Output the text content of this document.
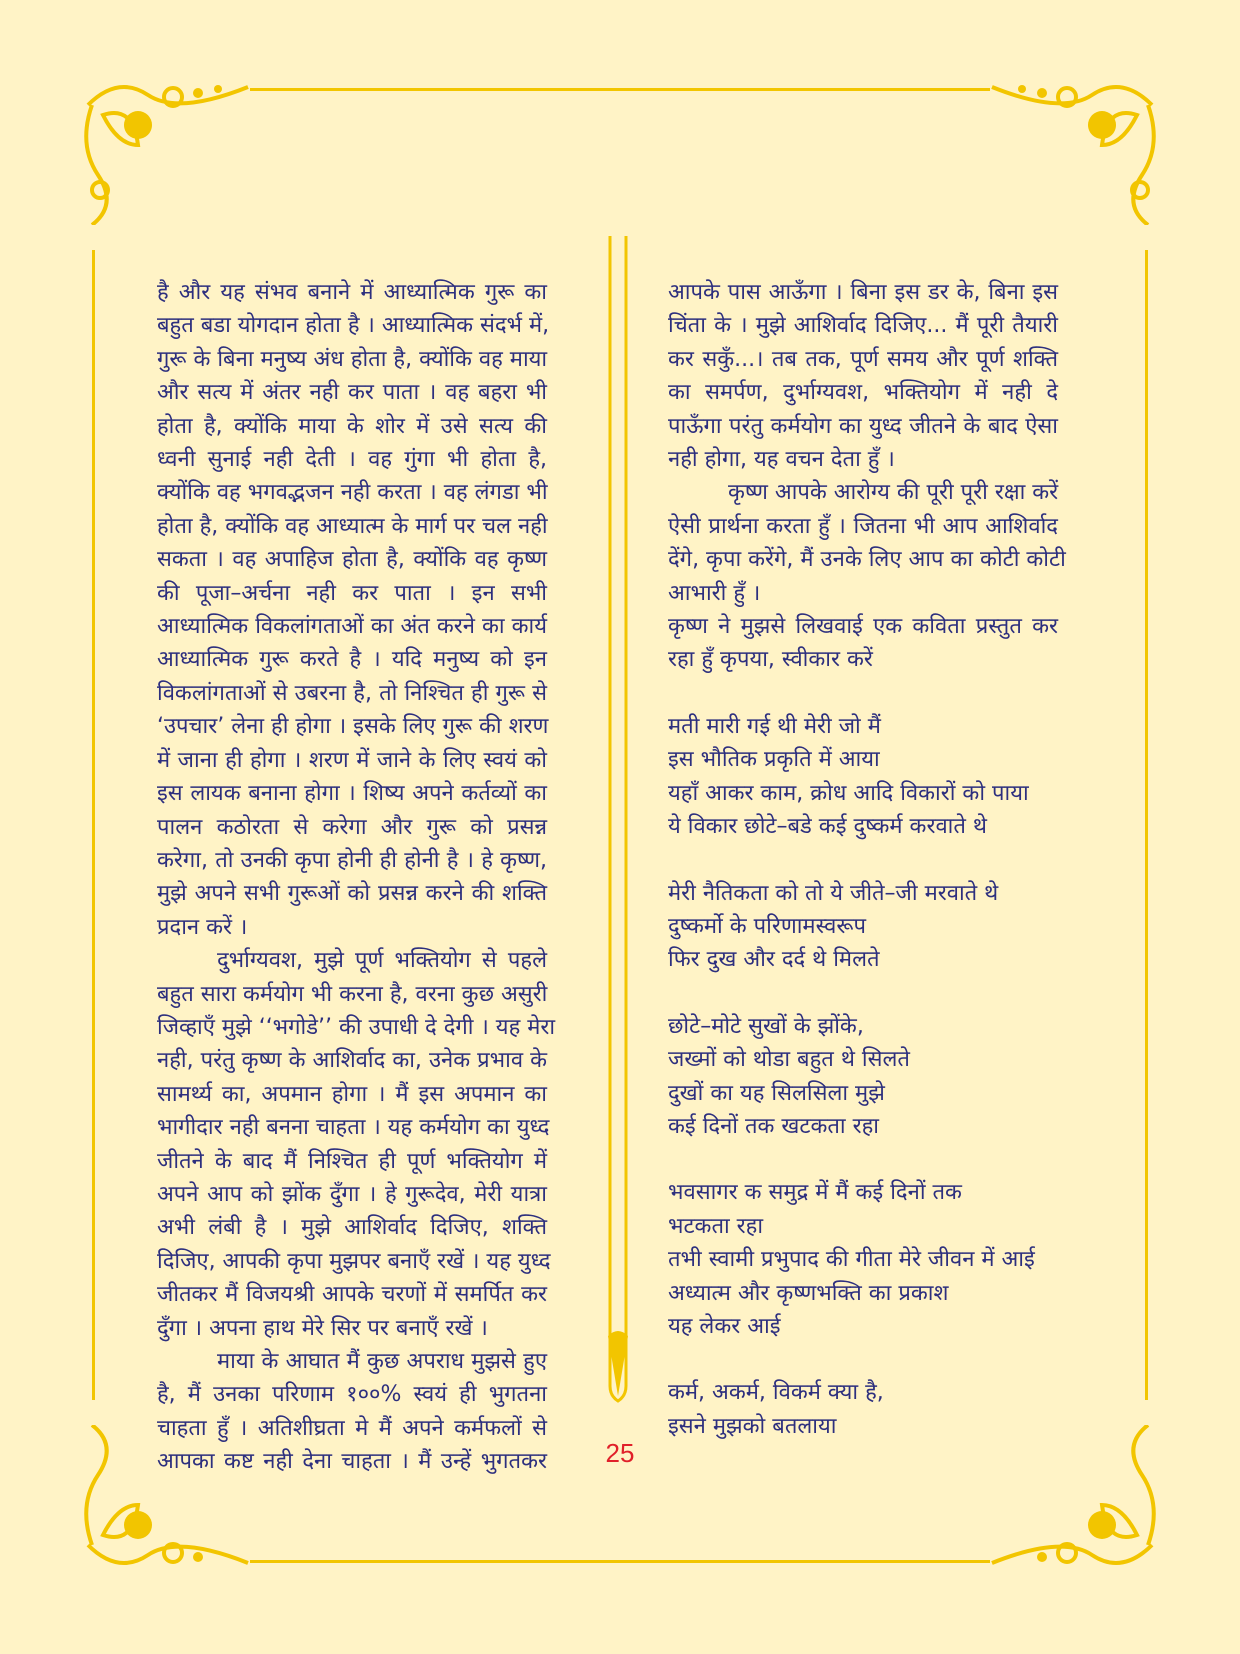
है और यह संभव बनाने में आध्यात्मिक गुरू का
बहुत बडा योगदान होता है । आध्यात्मिक संदर्भ में,
गुरू के बिना मनुष्य अंध होता है, क्योंकि वह माया
और सत्य में अंतर नही कर पाता । वह बहरा भी
होता है, क्योंकि माया के शोर में उसे सत्य की
ध्वनी सुनाई नही देती । वह गुंगा भी होता है,
क्योंकि वह भगवद्भजन नही करता । वह लंगडा भी
होता है, क्योंकि वह आध्यात्म के मार्ग पर चल नही
सकता । वह अपाहिज होता है, क्योंकि वह कृष्ण
की पूजा–अर्चना नही कर पाता । इन सभी
आध्यात्मिक विकलांगताओं का अंत करने का कार्य
आध्यात्मिक गुरू करते है । यदि मनुष्य को इन
विकलांगताओं से उबरना है, तो निश्चित ही गुरू से
‘उपचार’ लेना ही होगा । इसके लिए गुरू की शरण
में जाना ही होगा । शरण में जाने के लिए स्वयं को
इस लायक बनाना होगा । शिष्य अपने कर्तव्यों का
पालन कठोरता से करेगा और गुरू को प्रसन्न
करेगा, तो उनकी कृपा होनी ही होनी है । हे कृष्ण,
मुझे अपने सभी गुरूओं को प्रसन्न करने की शक्ति
प्रदान करें ।
दुर्भाग्यवश, मुझे पूर्ण भक्तियोग से पहले
बहुत सारा कर्मयोग भी करना है, वरना कुछ असुरी
जिव्हाएँ मुझे ‘‘भगोडे’’ की उपाधी दे देगी । यह मेरा
नही, परंतु कृष्ण के आशिर्वाद का, उनेक प्रभाव के
सामर्थ्य का, अपमान होगा । मैं इस अपमान का
भागीदार नही बनना चाहता । यह कर्मयोग का युध्द
जीतने के बाद मैं निश्चित ही पूर्ण भक्तियोग में
अपने आप को झोंक दुँगा । हे गुरूदेव, मेरी यात्रा
अभी लंबी है । मुझे आशिर्वाद दिजिए, शक्ति
दिजिए, आपकी कृपा मुझपर बनाएँ रखें । यह युध्द
जीतकर मैं विजयश्री आपके चरणों में समर्पित कर
दुँगा । अपना हाथ मेरे सिर पर बनाएँ रखें ।
माया के आघात मैं कुछ अपराध मुझसे हुए
है, मैं उनका परिणाम १००% स्वयं ही भुगतना
चाहता हुँ । अतिशीघ्रता मे मैं अपने कर्मफलों से
आपका कष्ट नही देना चाहता । मैं उन्हें भुगतकर
आपके पास आऊँगा । बिना इस डर के, बिना इस
चिंता के । मुझे आशिर्वाद दिजिए... मैं पूरी तैयारी
कर सकुँ...। तब तक, पूर्ण समय और पूर्ण शक्ति
का समर्पण, दुर्भाग्यवश, भक्तियोग में नही दे
पाऊँगा परंतु कर्मयोग का युध्द जीतने के बाद ऐसा
नही होगा, यह वचन देता हुँ ।
कृष्ण आपके आरोग्य की पूरी पूरी रक्षा करें
ऐसी प्रार्थना करता हुँ । जितना भी आप आशिर्वाद
देंगे, कृपा करेंगे, मैं उनके लिए आप का कोटी कोटी
आभारी हुँ ।
कृष्ण ने मुझसे लिखवाई एक कविता प्रस्तुत कर
रहा हुँ कृपया, स्वीकार करें
मती मारी गई थी मेरी जो मैं
इस भौतिक प्रकृति में आया
यहाँ आकर काम, क्रोध आदि विकारों को पाया
ये विकार छोटे–बडे कई दुष्कर्म करवाते थे
मेरी नैतिकता को तो ये जीते–जी मरवाते थे
दुष्कर्मो के परिणामस्वरूप
फिर दुख और दर्द थे मिलते
छोटे–मोटे सुखों के झोंके,
जख्मों को थोडा बहुत थे सिलते
दुखों का यह सिलसिला मुझे
कई दिनों तक खटकता रहा
भवसागर क समुद्र में मैं कई दिनों तक
भटकता रहा
तभी स्वामी प्रभुपाद की गीता मेरे जीवन में आई
अध्यात्म और कृष्णभक्ति का प्रकाश
यह लेकर आई
कर्म, अकर्म, विकर्म क्या है,
इसने मुझको बतलाया
25
